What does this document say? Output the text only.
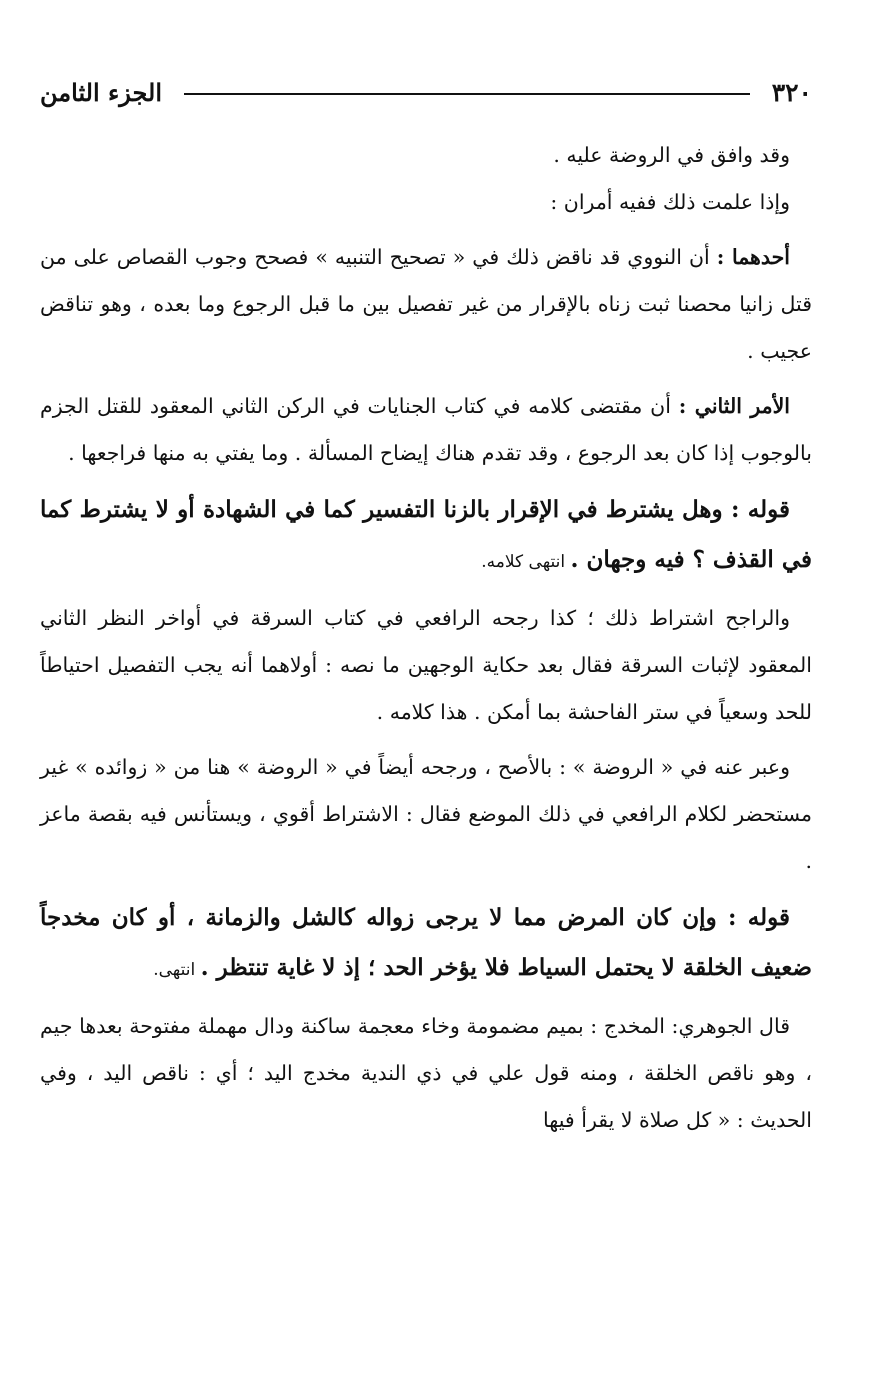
٣٢٠
الجزء الثامن

وقد وافق في الروضة عليه .

وإذا علمت ذلك ففيه أمران :

أحدهما : أن النووي قد ناقض ذلك في « تصحيح التنبيه » فصحح وجوب القصاص على من قتل زانيا محصنا ثبت زناه بالإقرار من غير تفصيل بين ما قبل الرجوع وما بعده ، وهو تناقض عجيب .

الأمر الثاني : أن مقتضى كلامه في كتاب الجنايات في الركن الثاني المعقود للقتل الجزم بالوجوب إذا كان بعد الرجوع ، وقد تقدم هناك إيضاح المسألة . وما يفتي به منها فراجعها .

قوله : وهل يشترط في الإقرار بالزنا التفسير كما في الشهادة أو لا يشترط كما في القذف ؟ فيه وجهان . انتهى كلامه.

والراجح اشتراط ذلك ؛ كذا رجحه الرافعي في كتاب السرقة في أواخر النظر الثاني المعقود لإثبات السرقة فقال بعد حكاية الوجهين ما نصه : أولاهما أنه يجب التفصيل احتياطاً للحد وسعياً في ستر الفاحشة بما أمكن . هذا كلامه .

وعبر عنه في « الروضة » : بالأصح ، ورجحه أيضاً في « الروضة » هنا من « زوائده » غير مستحضر لكلام الرافعي في ذلك الموضع فقال : الاشتراط أقوي ، ويستأنس فيه بقصة ماعز .

قوله : وإن كان المرض مما لا يرجى زواله كالشل والزمانة ، أو كان مخدجاً ضعيف الخلقة لا يحتمل السياط فلا يؤخر الحد ؛ إذ لا غاية تنتظر . انتهى.

قال الجوهري: المخدج : بميم مضمومة وخاء معجمة ساكنة ودال مهملة مفتوحة بعدها جيم ، وهو ناقص الخلقة ، ومنه قول علي في ذي الندية مخدج اليد ؛ أي : ناقص اليد ، وفي الحديث : « كل صلاة لا يقرأ فيها
